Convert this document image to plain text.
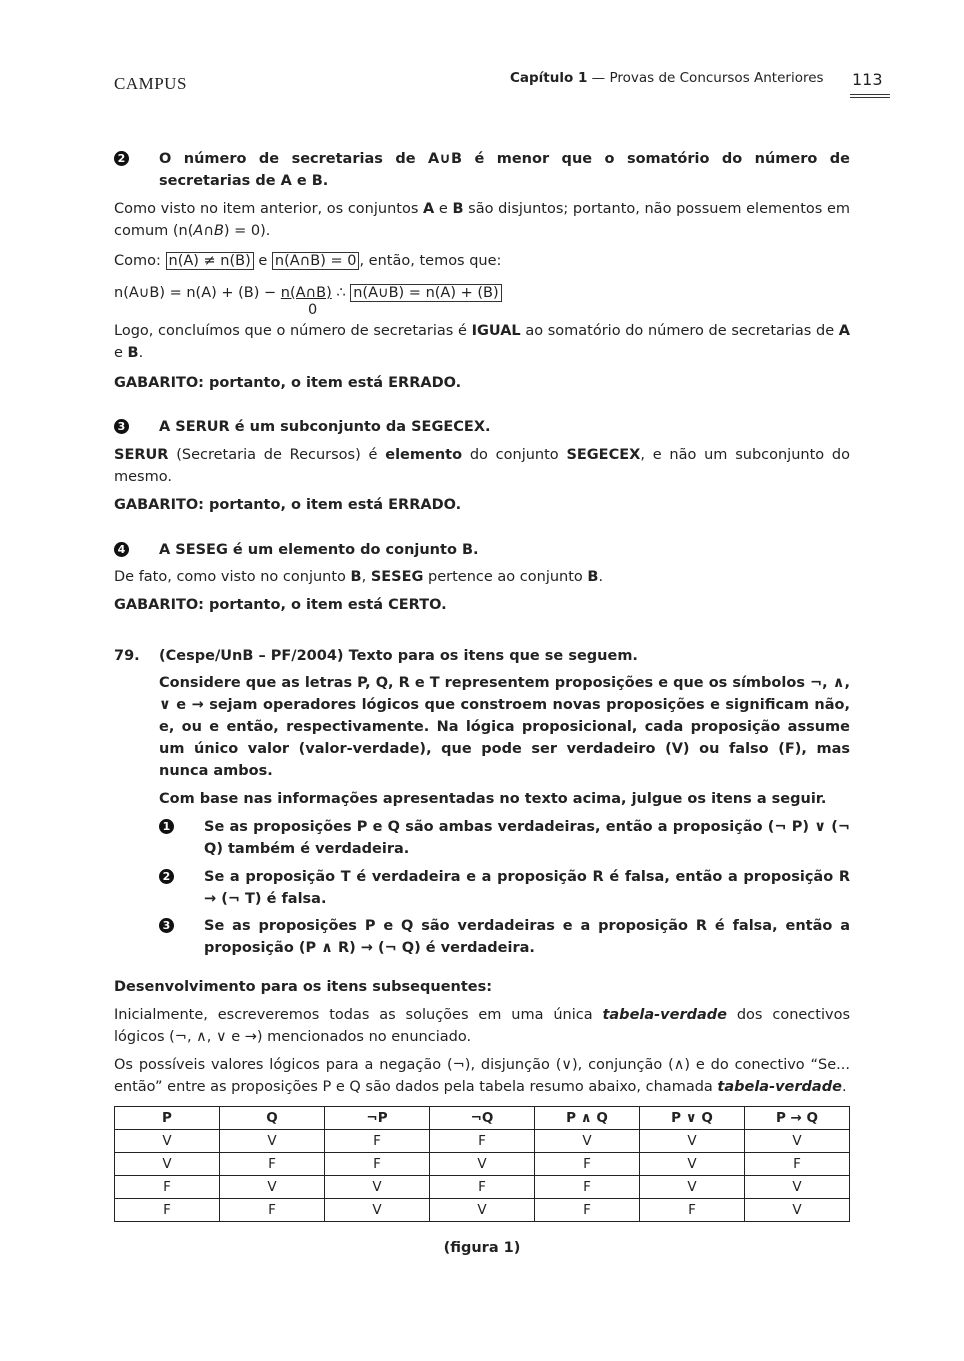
CAMPUS	Capítulo 1 — Provas de Concursos Anteriores 113
2	O número de secretarias de A∪B é menor que o somatório do número de secretarias de A e B.
Como visto no item anterior, os conjuntos A e B são disjuntos; portanto, não possuem elementos em comum (n(A∩B) = 0).
Como: n(A) ≠ n(B) e n(A∩B) = 0 , então, temos que:
n(A∪B) = n(A) + (B) − n(A∩B) ∴ n(A∪B) = n(A) + (B)
0
Logo, concluímos que o número de secretarias é IGUAL ao somatório do número de secretarias de A e B.
GABARITO: portanto, o item está ERRADO.
3	A SERUR é um subconjunto da SEGECEX.
SERUR (Secretaria de Recursos) é elemento do conjunto SEGECEX, e não um subconjunto do mesmo.
GABARITO: portanto, o item está ERRADO.
4	A SESEG é um elemento do conjunto B.
De fato, como visto no conjunto B, SESEG pertence ao conjunto B.
GABARITO: portanto, o item está CERTO.
79. (Cespe/UnB – PF/2004) Texto para os itens que se seguem.
Considere que as letras P, Q, R e T representem proposições e que os símbolos ¬, ∧, ∨ e → sejam operadores lógicos que constroem novas proposições e significam não, e, ou e então, respectivamente. Na lógica proposicional, cada proposição assume um único valor (valor-verdade), que pode ser verdadeiro (V) ou falso (F), mas nunca ambos.
Com base nas informações apresentadas no texto acima, julgue os itens a seguir.
1	Se as proposições P e Q são ambas verdadeiras, então a proposição (¬ P) ∨ (¬ Q) também é verdadeira.
2	Se a proposição T é verdadeira e a proposição R é falsa, então a proposição R → (¬ T) é falsa.
3	Se as proposições P e Q são verdadeiras e a proposição R é falsa, então a proposição (P ∧ R) → (¬ Q) é verdadeira.
Desenvolvimento para os itens subsequentes:
Inicialmente, escreveremos todas as soluções em uma única tabela-verdade dos conectivos lógicos (¬, ∧, ∨ e →) mencionados no enunciado.
Os possíveis valores lógicos para a negação (¬), disjunção (∨), conjunção (∧) e do conectivo “Se... então” entre as proposições P e Q são dados pela tabela resumo abaixo, chamada tabela-verdade.
P	Q	¬P	¬Q	P ∧ Q	P ∨ Q	P → Q
V	V	F	F	V	V	V
V	F	F	V	F	V	F
F	V	V	F	F	V	V
F	F	V	V	F	F	V
(figura 1)
